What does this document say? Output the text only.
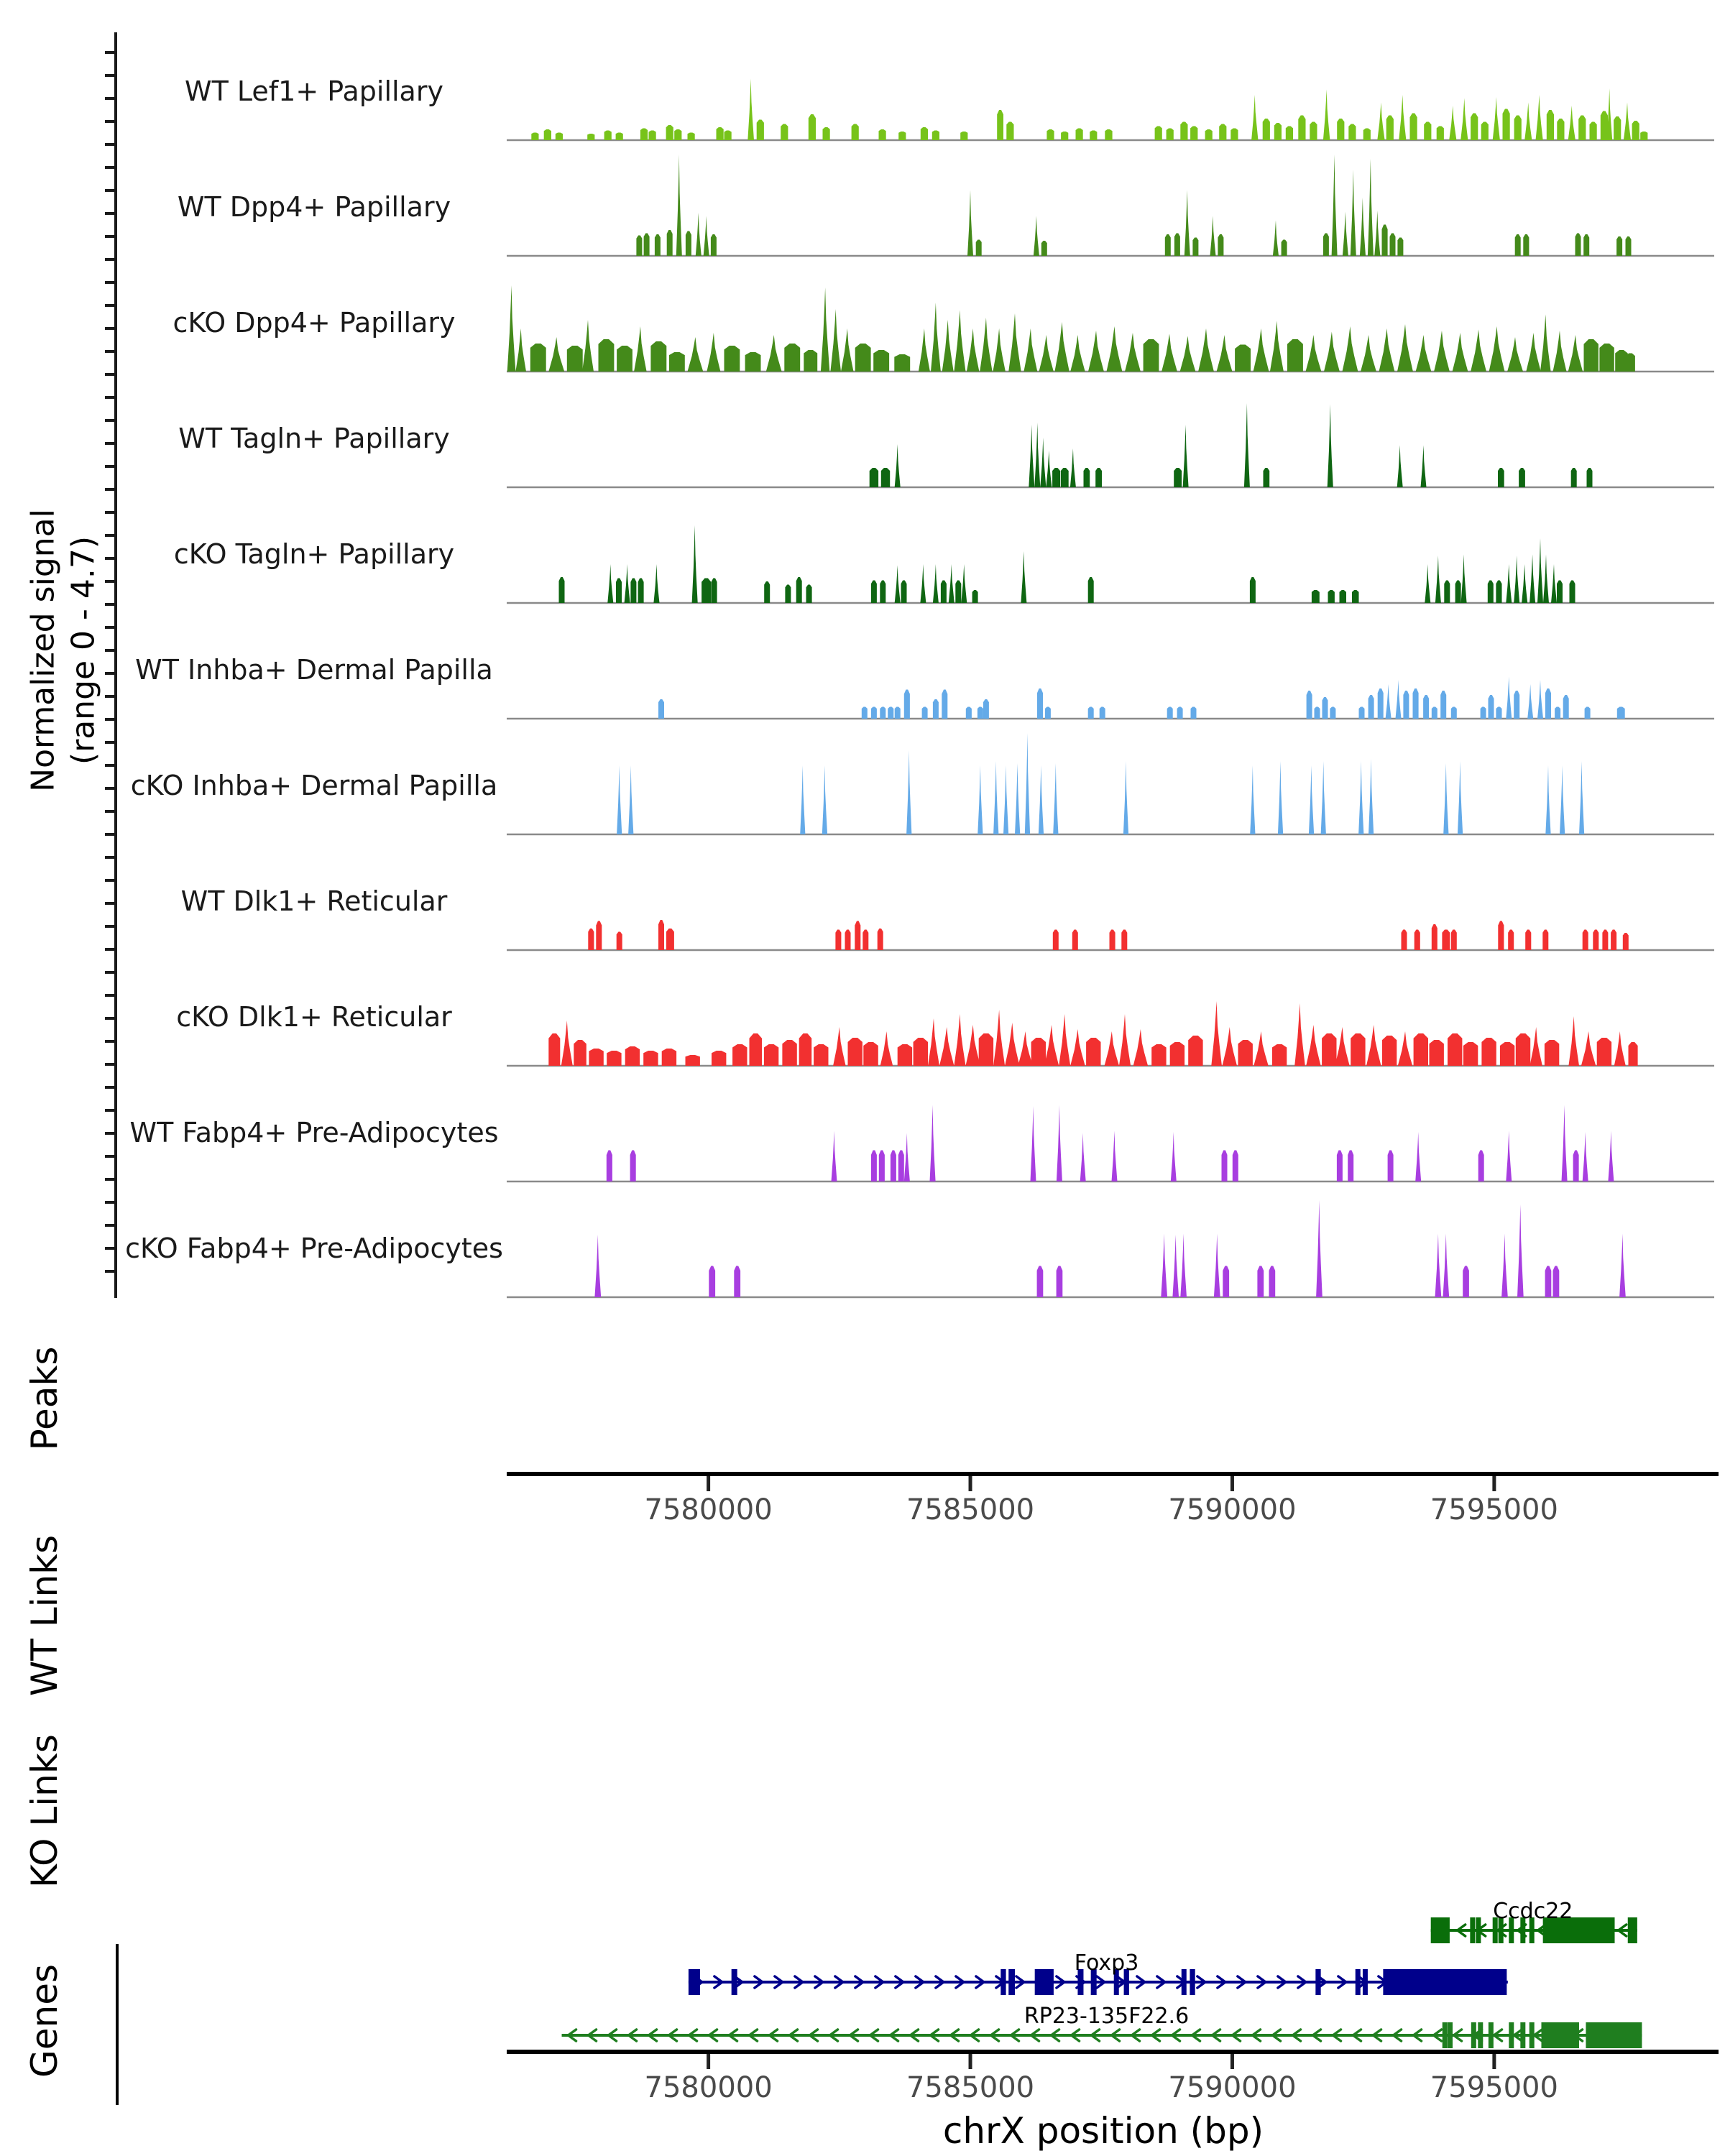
Normalized signal (range 0 - 4.7)
Peaks
WT Links
KO Links
Genes
chrX position (bp)
WT Lef1+ Papillary
WT Dpp4+ Papillary
cKO Dpp4+ Papillary
WT Tagln+ Papillary
cKO Tagln+ Papillary
WT Inhba+ Dermal Papilla
cKO Inhba+ Dermal Papilla
WT Dlk1+ Reticular
cKO Dlk1+ Reticular
WT Fabp4+ Pre-Adipocytes
cKO Fabp4+ Pre-Adipocytes
7580000	7585000	7590000	7595000
7580000	7585000	7590000	7595000
Ccdc22
Foxp3
RP23-135F22.6
